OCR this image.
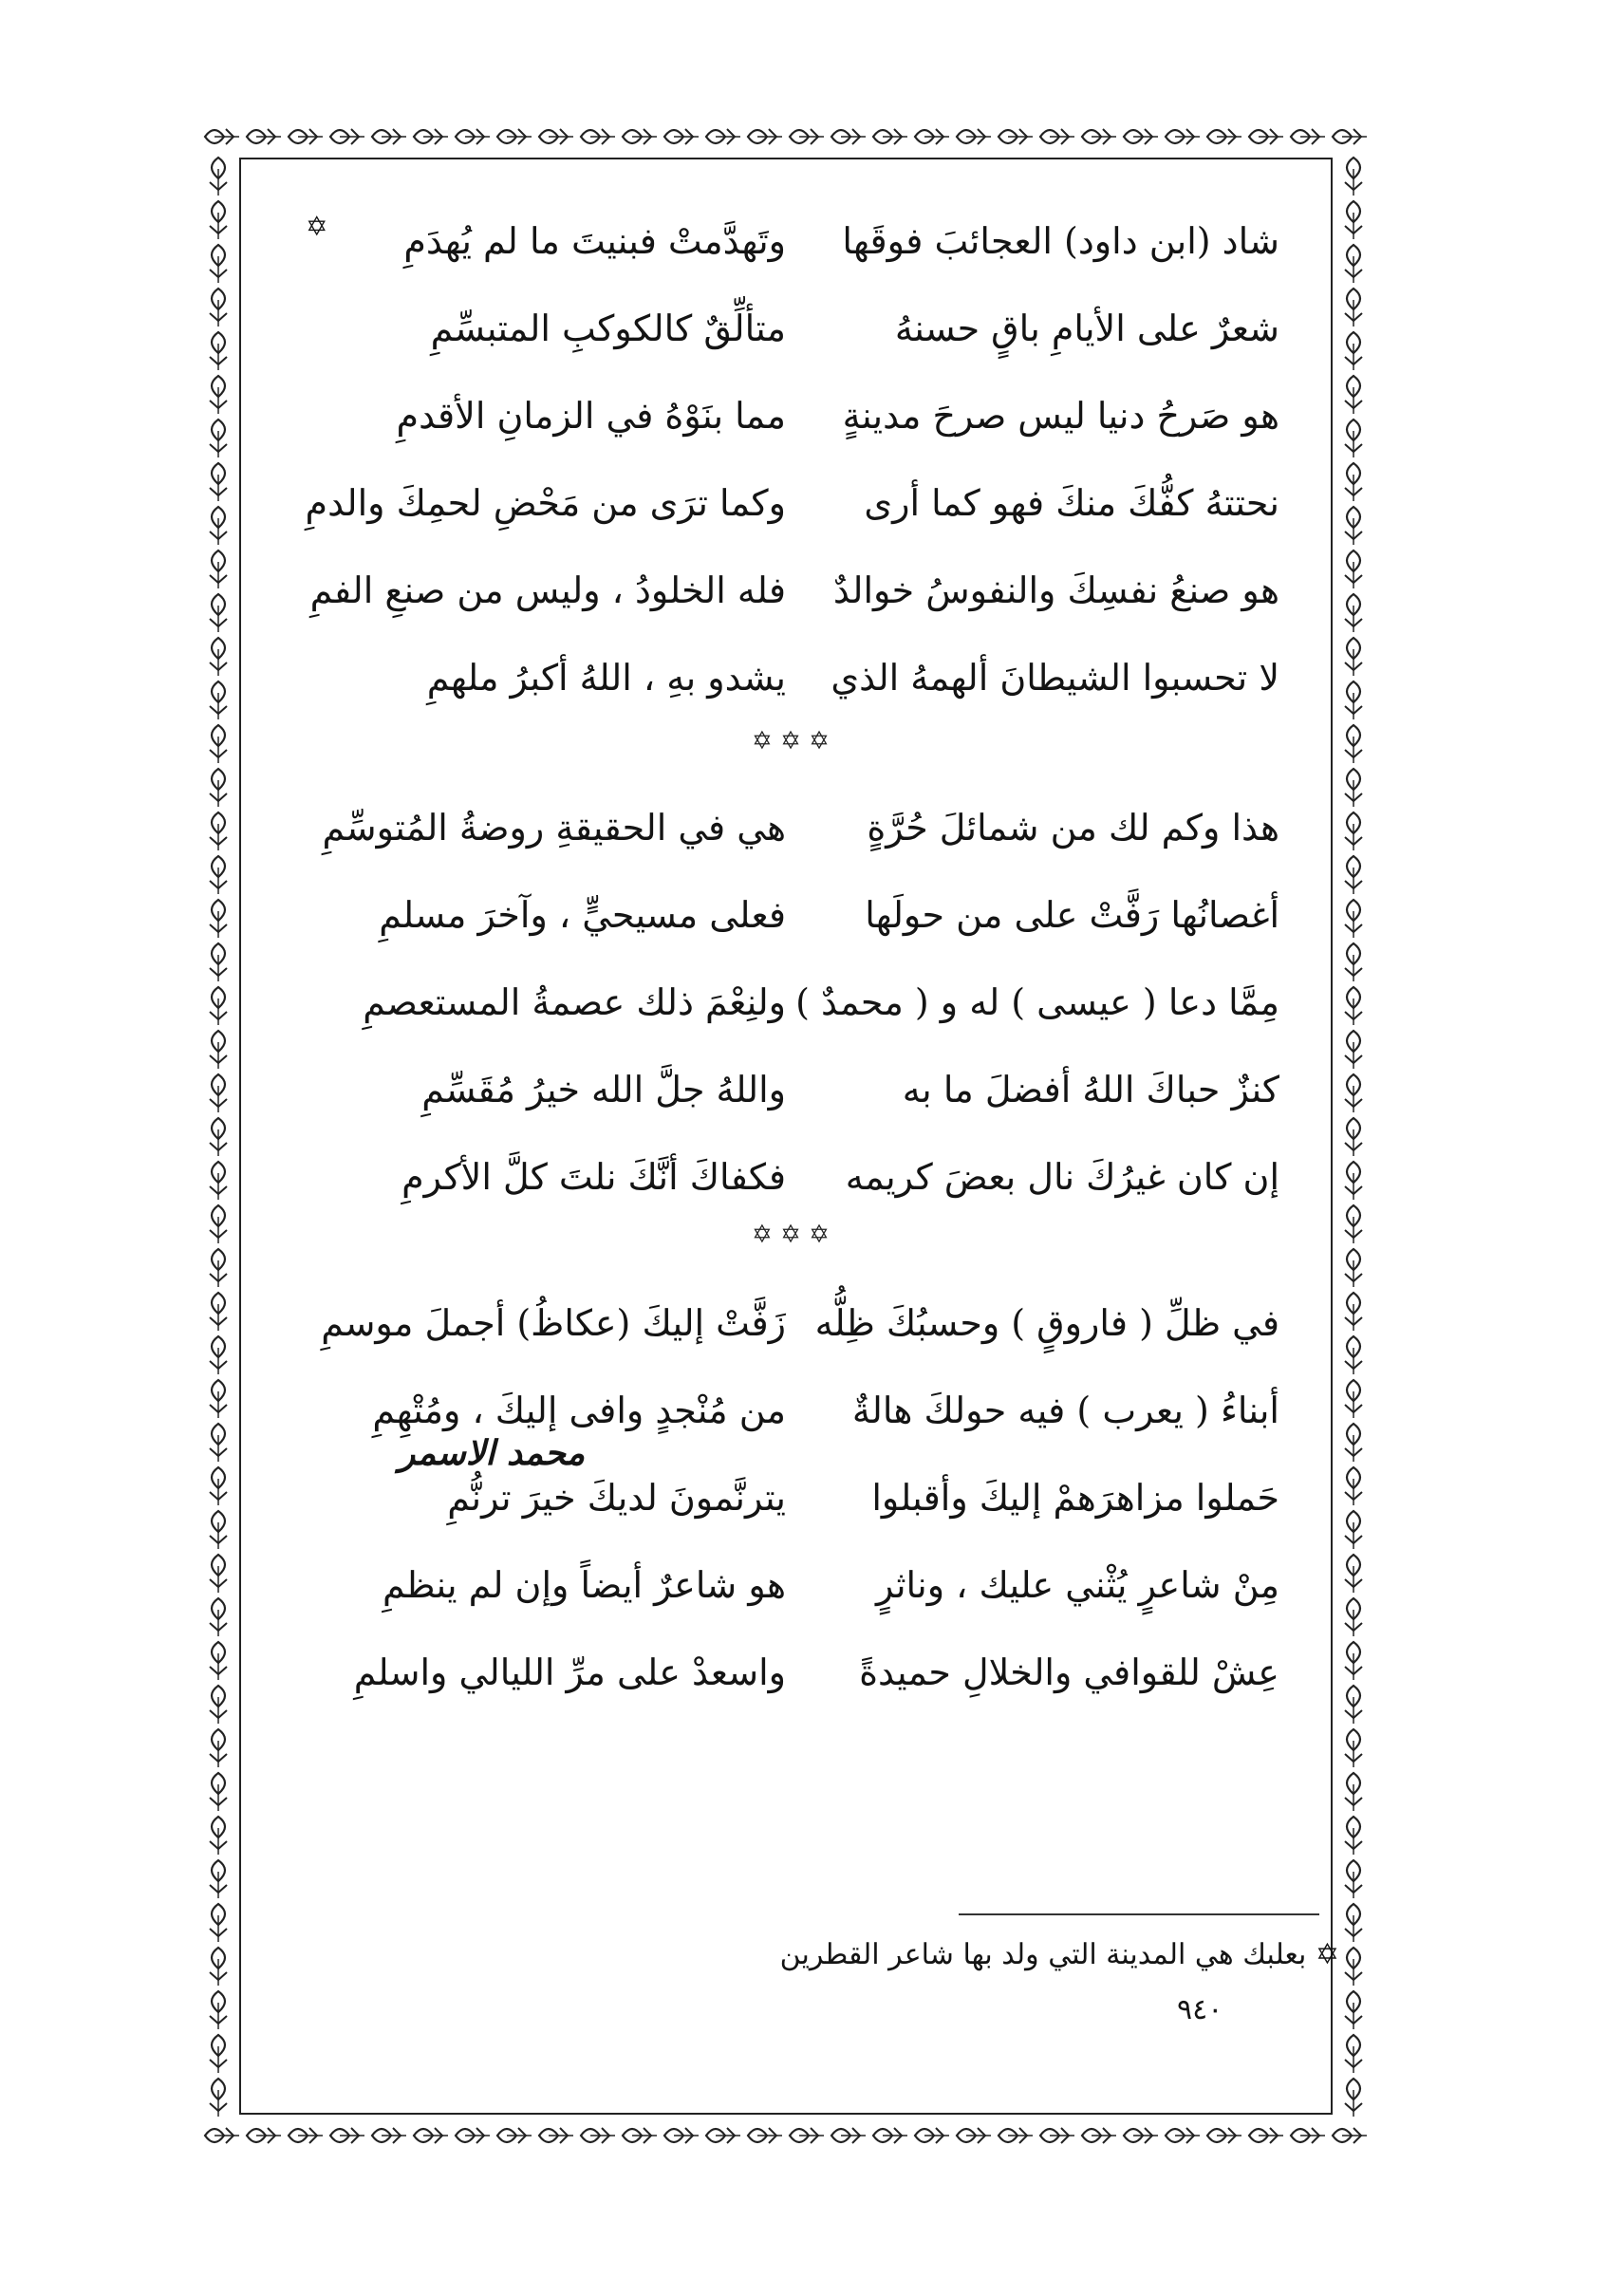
✡	شاد (ابن داود) العجائبَ فوقَها
وتَهدَّمتْ فبنيتَ ما لم يُهدَمِ
شعرٌ على الأيامِ باقٍ حسنهُ
متألِّقٌ كالكوكبِ المتبسِّمِ
هو صَرحُ دنيا ليس صرحَ مدينةٍ
مما بنَوْهُ في الزمانِ الأقدمِ
نحتتهُ كفُّكَ منكَ فهو كما أرى
وكما ترَى من مَحْضِ لحمِكَ والدمِ
هو صنعُ نفسِكَ والنفوسُ خوالدٌ
فله الخلودُ ، وليس من صنعِ الفمِ
لا تحسبوا الشيطانَ ألهمهُ الذي
يشدو بهِ ، اللهُ أكبرُ ملهمِ
✡ ✡ ✡
هذا وكم لك من شمائلَ حُرَّةٍ
هي في الحقيقةِ روضةُ المُتوسِّمِ
أغصانُها رَفَّتْ على من حولَها
فعلى مسيحيٍّ ، وآخرَ مسلمِ
مِمَّا دعا ( عيسى ) له و ( محمدٌ )
ولنِعْمَ ذلك عصمةُ المستعصمِ
كنزٌ حباكَ اللهُ أفضلَ ما به
واللهُ جلَّ الله خيرُ مُقَسِّمِ
إن كان غيرُكَ نال بعضَ كريمه
فكفاكَ أنَّكَ نلتَ كلَّ الأكرمِ
✡ ✡ ✡
في ظلِّ ( فاروقٍ ) وحسبُكَ ظِلُّه
زَفَّتْ إليكَ (عكاظُ) أجملَ موسمِ
أبناءُ ( يعرب ) فيه حولكَ هالةٌ
من مُنْجدٍ وافى إليكَ ، ومُتْهِمِ
حَملوا مزاهرَهمْ إليكَ وأقبلوا
يترنَّمونَ لديكَ خيرَ ترنُّمِ
مِنْ شاعرٍ يُثْني عليك ، وناثرٍ
هو شاعرٌ أيضاً وإن لم ينظمِ
عِشْ للقوافي والخلالِ حميدةً
واسعدْ على مرِّ الليالي واسلمِ
محمد الاسمر
✡ بعلبك هي المدينة التي ولد بها شاعر القطرين
٩٤٠
